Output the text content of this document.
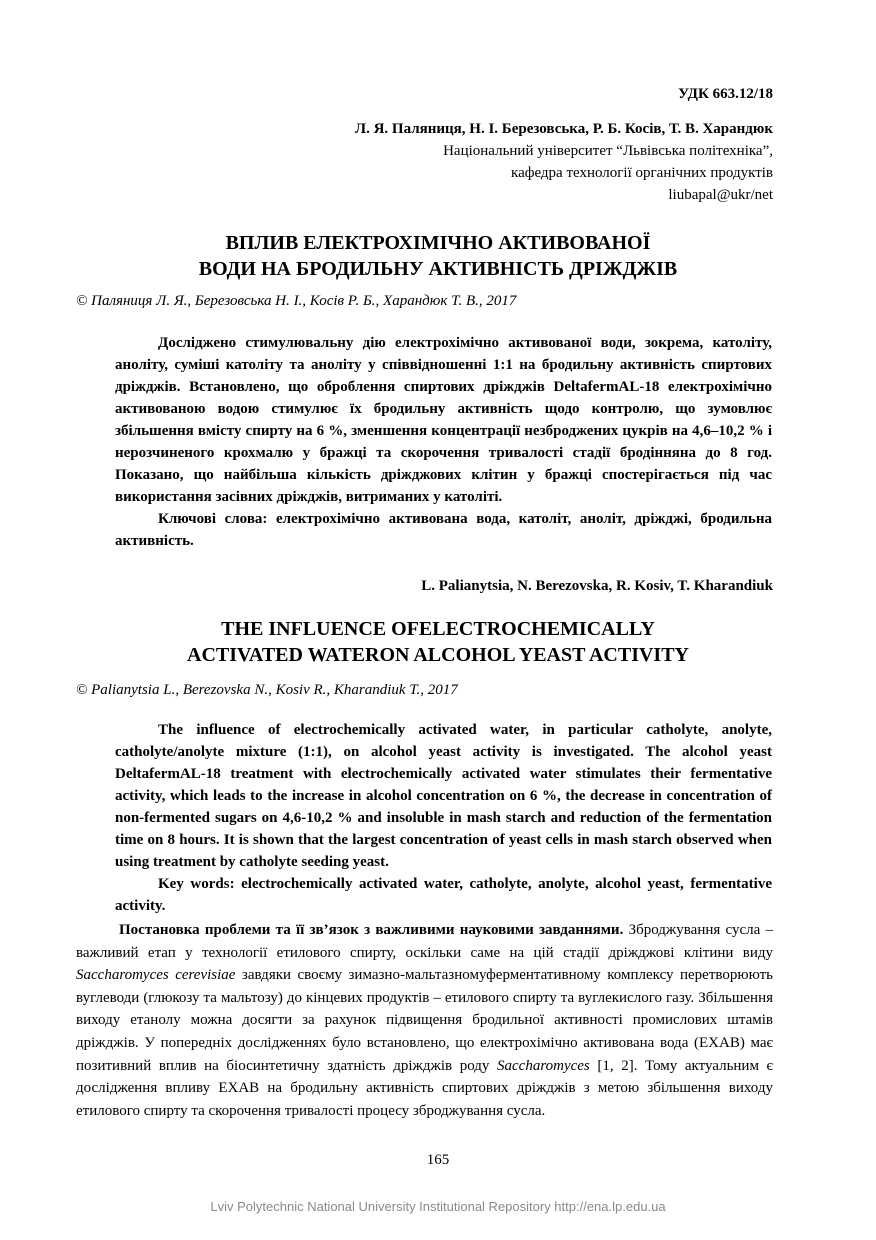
УДК 663.12/18
Л. Я. Паляниця, Н. І. Березовська, Р. Б. Косів, Т. В. Харандюк
Національний університет “Львівська політехніка”,
кафедра технології органічних продуктів
liubapal@ukr/net
ВПЛИВ ЕЛЕКТРОХІМІЧНО АКТИВОВАНОЇ
ВОДИ НА БРОДИЛЬНУ АКТИВНІСТЬ ДРІЖДЖІВ
© Паляниця Л. Я., Березовська Н. І., Косів Р. Б., Харандюк Т. В., 2017

Досліджено стимулювальну дію електрохімічно активованої води, зокрема, католіту, аноліту, суміші католіту та аноліту у співвідношенні 1:1 на бродильну активність спиртових дріжджів. Встановлено, що оброблення спиртових дріжджів DeltafermAL-18 електрохімічно активованою водою стимулює їх бродильну активність щодо контролю, що зумовлює збільшення вмісту спирту на 6 %, зменшення концентрації незброджених цукрів на 4,6–10,2 % і нерозчиненого крохмалю у бражці та скорочення тривалості стадії бродінняна до 8 год. Показано, що найбільша кількість дріжджових клітин у бражці спостерігається під час використання засівних дріжджів, витриманих у католіті.

Ключові слова: електрохімічно активована вода, католіт, аноліт, дріжджі, бродильна активність.

L. Palianytsia, N. Berezovska, R. Kosiv, T. Kharandiuk
THE INFLUENCE OFELECTROCHEMICALLY
ACTIVATED WATERON ALCOHOL YEAST ACTIVITY
© Palianytsia L., Berezovska N., Kosiv R., Kharandiuk T., 2017

The influence of electrochemically activated water, in particular catholyte, anolyte, catholyte/anolyte mixture (1:1), on alcohol yeast activity is investigated. The alcohol yeast DeltafermAL-18 treatment with electrochemically activated water stimulates their fermentative activity, which leads to the increase in alcohol concentration on 6 %, the decrease in concentration of non-fermented sugars on 4,6-10,2 % and insoluble in mash starch and reduction of the fermentation time on 8 hours. It is shown that the largest concentration of yeast cells in mash starch observed when using treatment by catholyte seeding yeast.

Key words: electrochemically activated water, catholyte, anolyte, alcohol yeast, fermentative activity.

Постановка проблеми та її зв’язок з важливими науковими завданнями. Зброджування сусла – важливий етап у технології етилового спирту, оскільки саме на цій стадії дріжджові клітини виду Saccharomyces cerevisiae завдяки своєму зимазно-мальтазномуферментативному комплексу перетворюють вуглеводи (глюкозу та мальтозу) до кінцевих продуктів – етилового спирту та вуглекислого газу. Збільшення виходу етанолу можна досягти за рахунок підвищення бродильної активності промислових штамів дріжджів. У попередніх дослідженнях було встановлено, що електрохімічно активована вода (ЕХАВ) має позитивний вплив на біосинтетичну здатність дріжджів роду Saccharomyces [1, 2]. Тому актуальним є дослідження впливу ЕХАВ на бродильну активність спиртових дріжджів з метою збільшення виходу етилового спирту та скорочення тривалості процесу зброджування сусла.

165
Lviv Polytechnic National University Institutional Repository http://ena.lp.edu.ua
